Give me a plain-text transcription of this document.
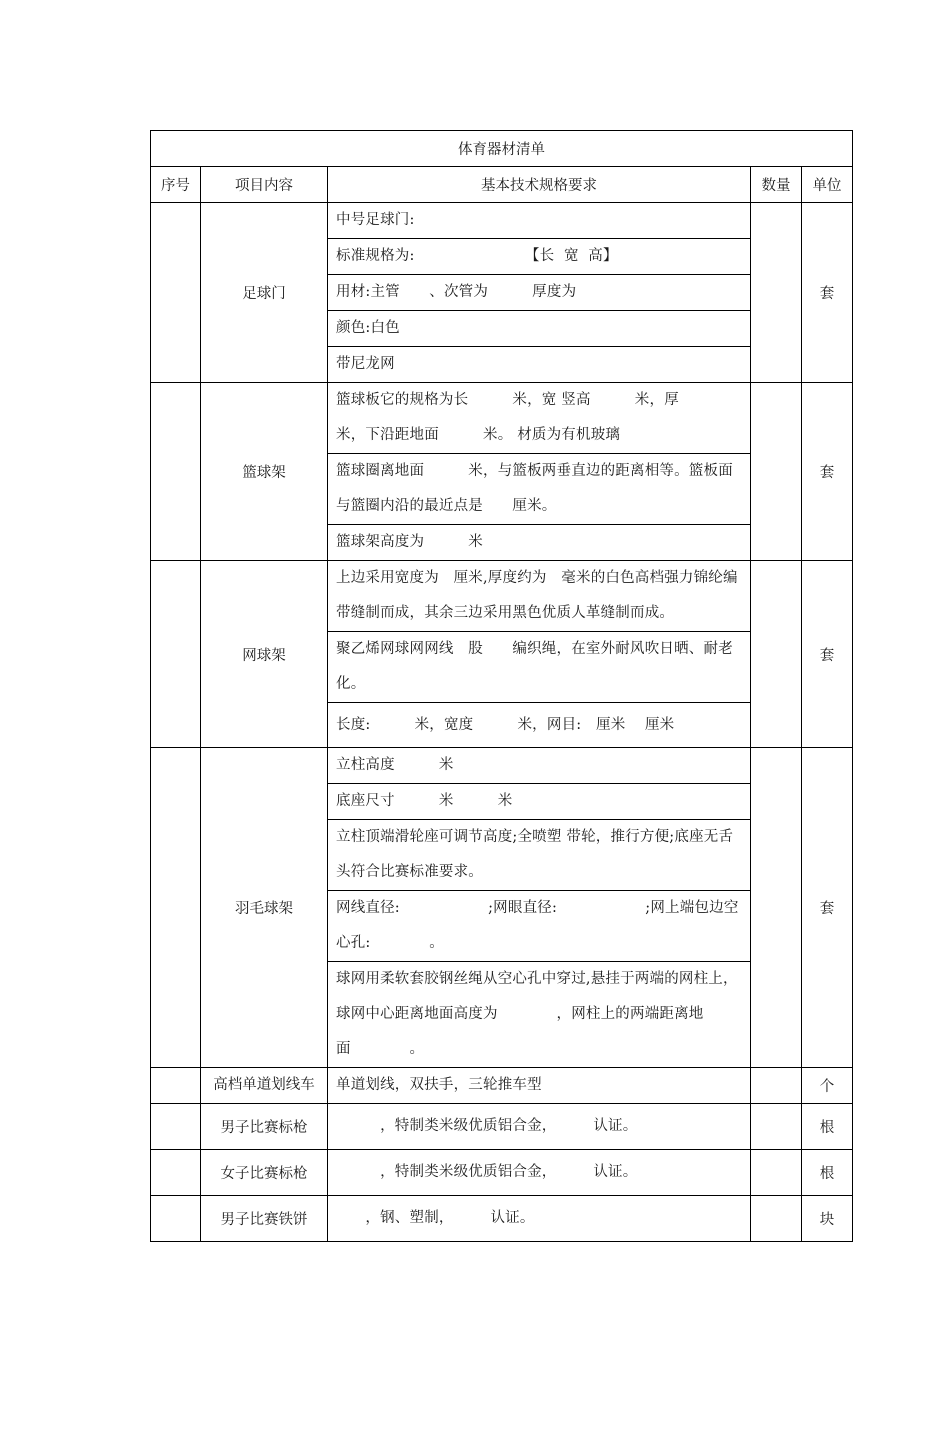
体育器材清单				
序号	项目内容	基本技术规格要求	数量	单位
	足球门	中号足球门:		套
		标准规格为:　　　　　　　　【长  宽  高】		
		用材:主管　　、次管为　　　厚度为		
		颜色:白色		
		带尼龙网		
	篮球架	篮球板它的规格为长　　　米，宽 竖高　　　米，厚　　　米，下沿距地面　　　米。 材质为有机玻璃		套
		篮球圈离地面　　　米，与篮板两垂直边的距离相等。篮板面与篮圈内沿的最近点是　　厘米。		
		篮球架高度为　　　米		
	网球架	上边采用宽度为　厘米,厚度约为　毫米的白色高档强力锦纶编带缝制而成，其余三边采用黑色优质人革缝制而成。		套
		聚乙烯网球网网线　股　　编织绳，在室外耐风吹日晒、耐老化。		
		长度:　　　米，宽度　　　米，网目:　厘米　 厘米		
	羽毛球架	立柱高度　　　米		套
		底座尺寸　　　米　　　米		
		立柱顶端滑轮座可调节高度;全喷塑 带轮，推行方便;底座无舌头符合比赛标准要求。		
		网线直径:　　　　　　;网眼直径:　　　　　　;网上端包边空心孔:　　　　。		
		球网用柔软套胶钢丝绳从空心孔中穿过,悬挂于两端的网柱上，球网中心距离地面高度为　　　　，网柱上的两端距离地面　　　　。		
	高档单道划线车	单道划线，双扶手，三轮推车型		个
	男子比赛标枪	　　　，特制类米级优质铝合金，　　　认证。		根
	女子比赛标枪	　　　，特制类米级优质铝合金，　　　认证。		根
	男子比赛铁饼	　　，钢、塑制，　　　认证。		块
